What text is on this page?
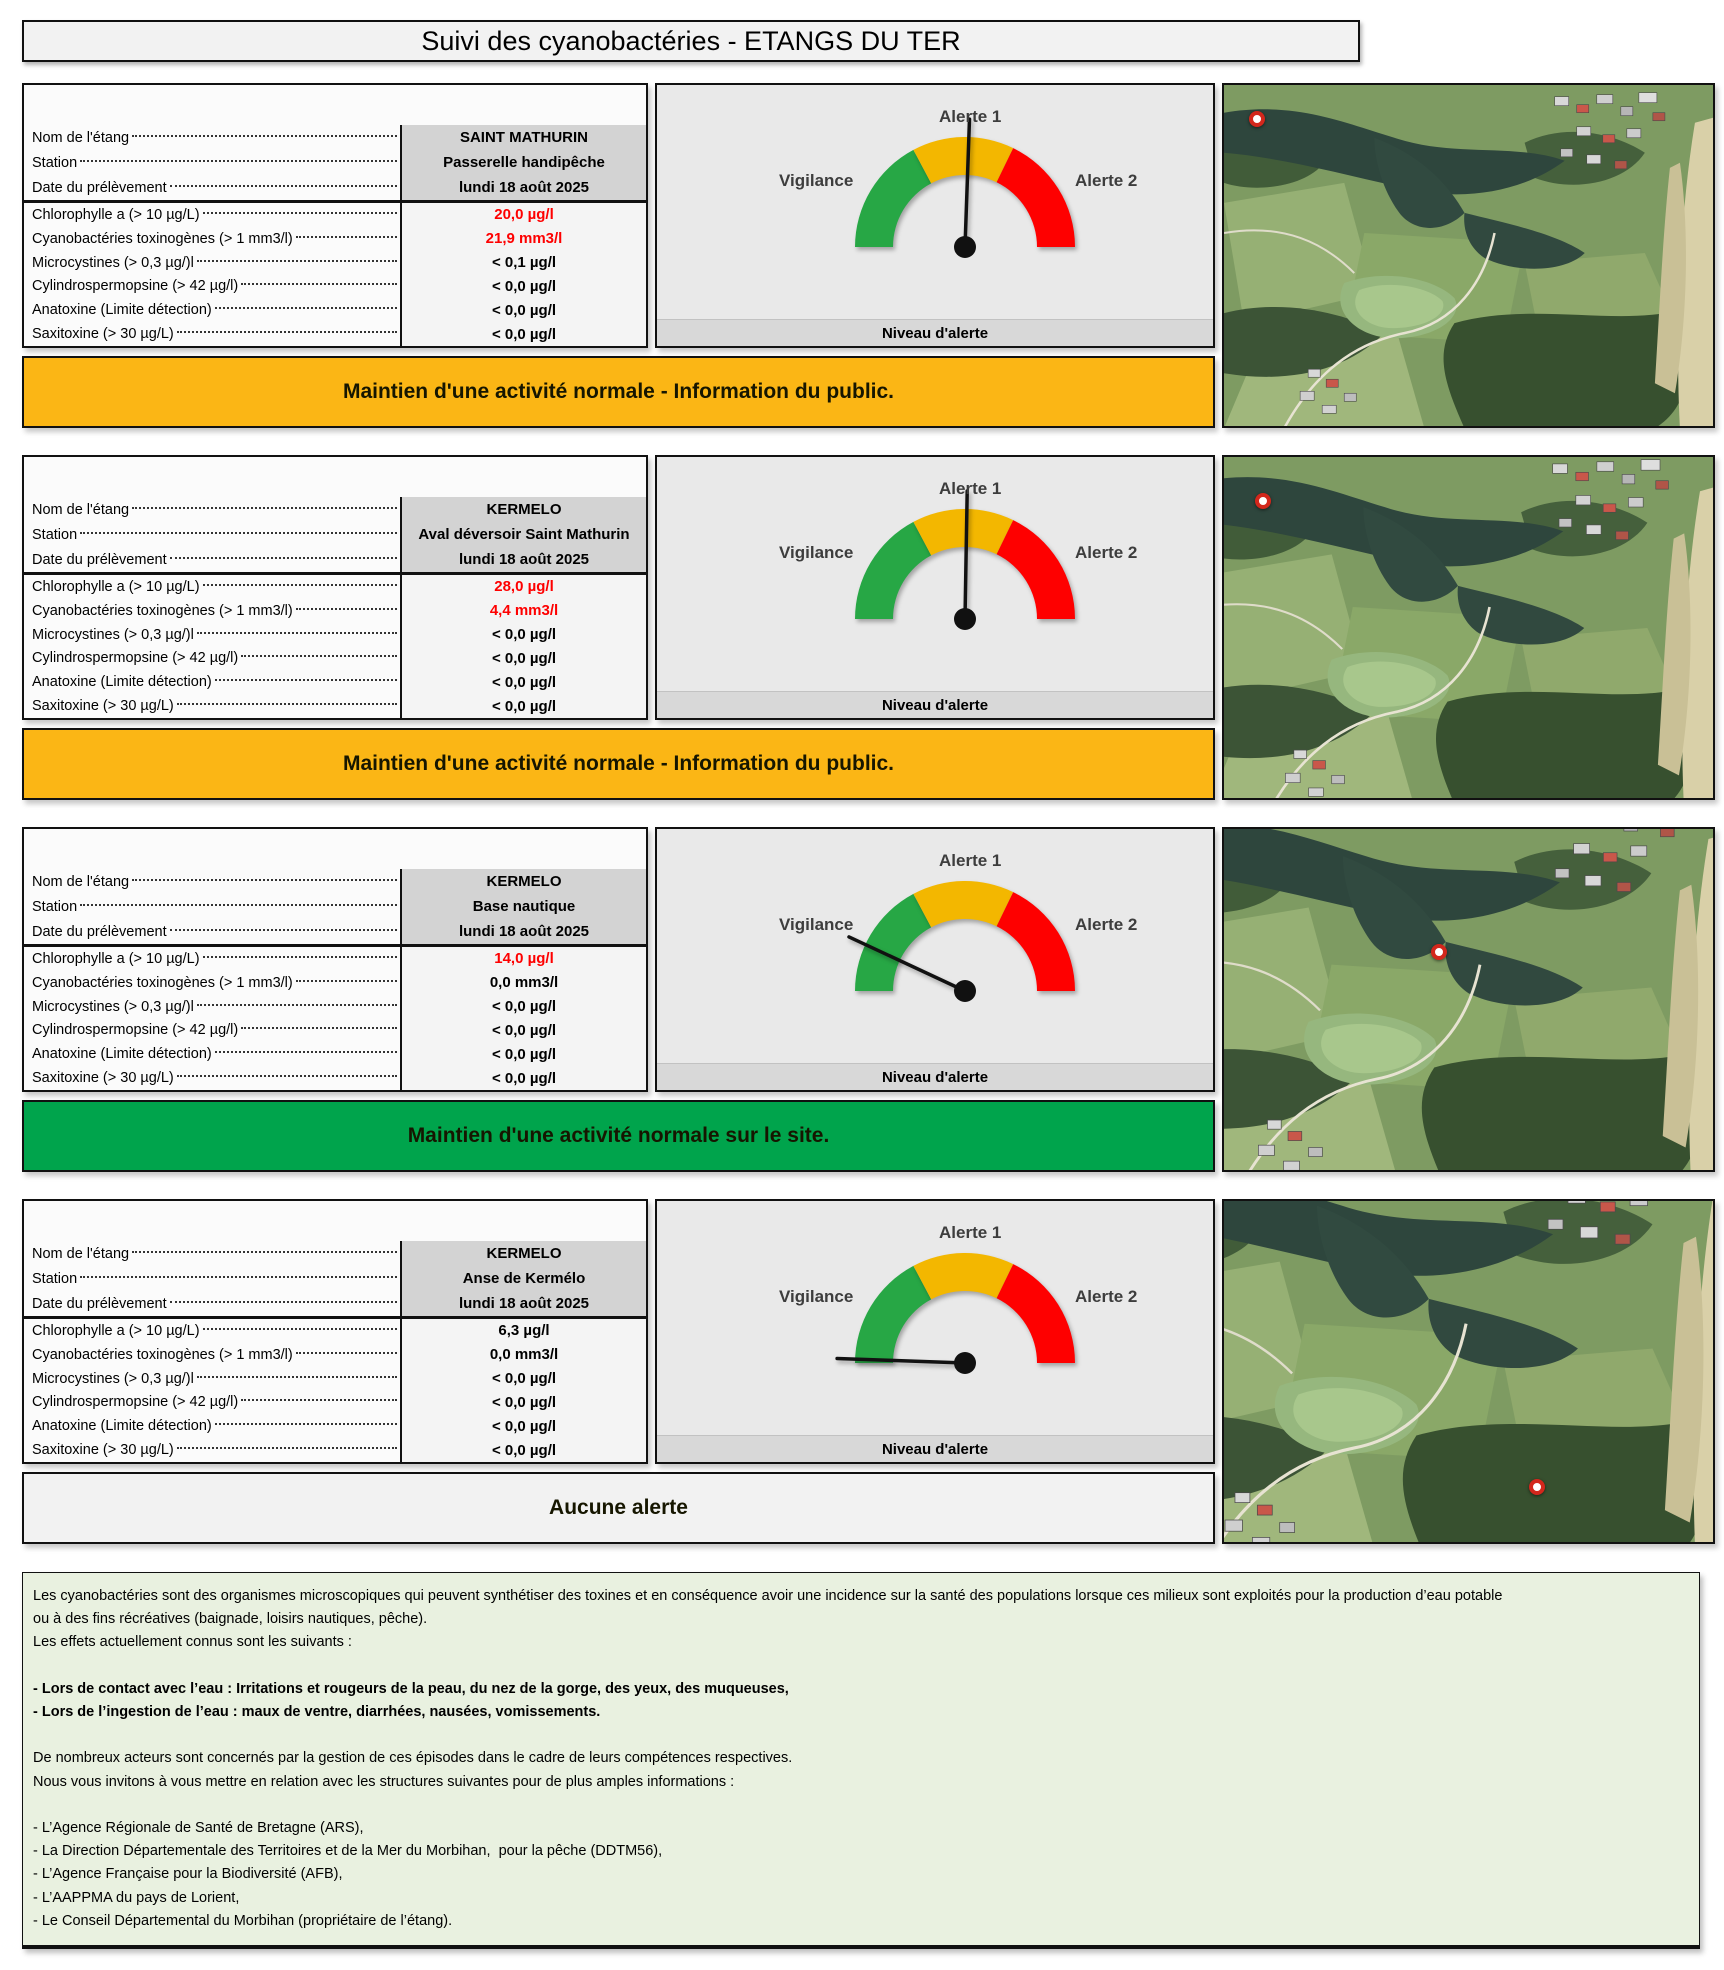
Suivi des cyanobactéries - ETANGS DU TER
Nom de l'étang	SAINT MATHURIN
Station	Passerelle handipêche
Date du prélèvement	lundi 18 août 2025
Chlorophylle a (> 10 µg/L)	20,0 µg/l
Cyanobactéries toxinogènes (> 1 mm3/l)	21,9 mm3/l
Microcystines (> 0,3 µg/)l	< 0,1 µg/l
Cylindrospermopsine (> 42 µg/l)	< 0,0 µg/l
Anatoxine (Limite détection)	< 0,0 µg/l
Saxitoxine (> 30 µg/L)	< 0,0 µg/l
Vigilance
Alerte 1
Alerte 2
Niveau d'alerte
Maintien d'une activité normale - Information du public.
Nom de l'étang	KERMELO
Station	Aval déversoir Saint Mathurin
Date du prélèvement	lundi 18 août 2025
Chlorophylle a (> 10 µg/L)	28,0 µg/l
Cyanobactéries toxinogènes (> 1 mm3/l)	4,4 mm3/l
Microcystines (> 0,3 µg/)l	< 0,0 µg/l
Cylindrospermopsine (> 42 µg/l)	< 0,0 µg/l
Anatoxine (Limite détection)	< 0,0 µg/l
Saxitoxine (> 30 µg/L)	< 0,0 µg/l
Vigilance
Alerte 1
Alerte 2
Niveau d'alerte
Maintien d'une activité normale - Information du public.
Nom de l'étang	KERMELO
Station	Base nautique
Date du prélèvement	lundi 18 août 2025
Chlorophylle a (> 10 µg/L)	14,0 µg/l
Cyanobactéries toxinogènes (> 1 mm3/l)	0,0 mm3/l
Microcystines (> 0,3 µg/)l	< 0,0 µg/l
Cylindrospermopsine (> 42 µg/l)	< 0,0 µg/l
Anatoxine (Limite détection)	< 0,0 µg/l
Saxitoxine (> 30 µg/L)	< 0,0 µg/l
Vigilance
Alerte 1
Alerte 2
Niveau d'alerte
Maintien d'une activité normale sur le site.
Nom de l'étang	KERMELO
Station	Anse de Kermélo
Date du prélèvement	lundi 18 août 2025
Chlorophylle a (> 10 µg/L)	6,3 µg/l
Cyanobactéries toxinogènes (> 1 mm3/l)	0,0 mm3/l
Microcystines (> 0,3 µg/)l	< 0,0 µg/l
Cylindrospermopsine (> 42 µg/l)	< 0,0 µg/l
Anatoxine (Limite détection)	< 0,0 µg/l
Saxitoxine (> 30 µg/L)	< 0,0 µg/l
Vigilance
Alerte 1
Alerte 2
Niveau d'alerte
Aucune alerte
Les cyanobactéries sont des organismes microscopiques qui peuvent synthétiser des toxines et en conséquence avoir une incidence sur la santé des populations lorsque ces milieux sont exploités pour la production d’eau potable
ou à des fins récréatives (baignade, loisirs nautiques, pêche).
Les effets actuellement connus sont les suivants :
- Lors de contact avec l’eau : Irritations et rougeurs de la peau, du nez de la gorge, des yeux, des muqueuses,
- Lors de l’ingestion de l’eau : maux de ventre, diarrhées, nausées, vomissements.
De nombreux acteurs sont concernés par la gestion de ces épisodes dans le cadre de leurs compétences respectives.
Nous vous invitons à vous mettre en relation avec les structures suivantes pour de plus amples informations :
- L’Agence Régionale de Santé de Bretagne (ARS),
- La Direction Départementale des Territoires et de la Mer du Morbihan,  pour la pêche (DDTM56),
- L’Agence Française pour la Biodiversité (AFB),
- L’AAPPMA du pays de Lorient,
- Le Conseil Départemental du Morbihan (propriétaire de l’étang).
